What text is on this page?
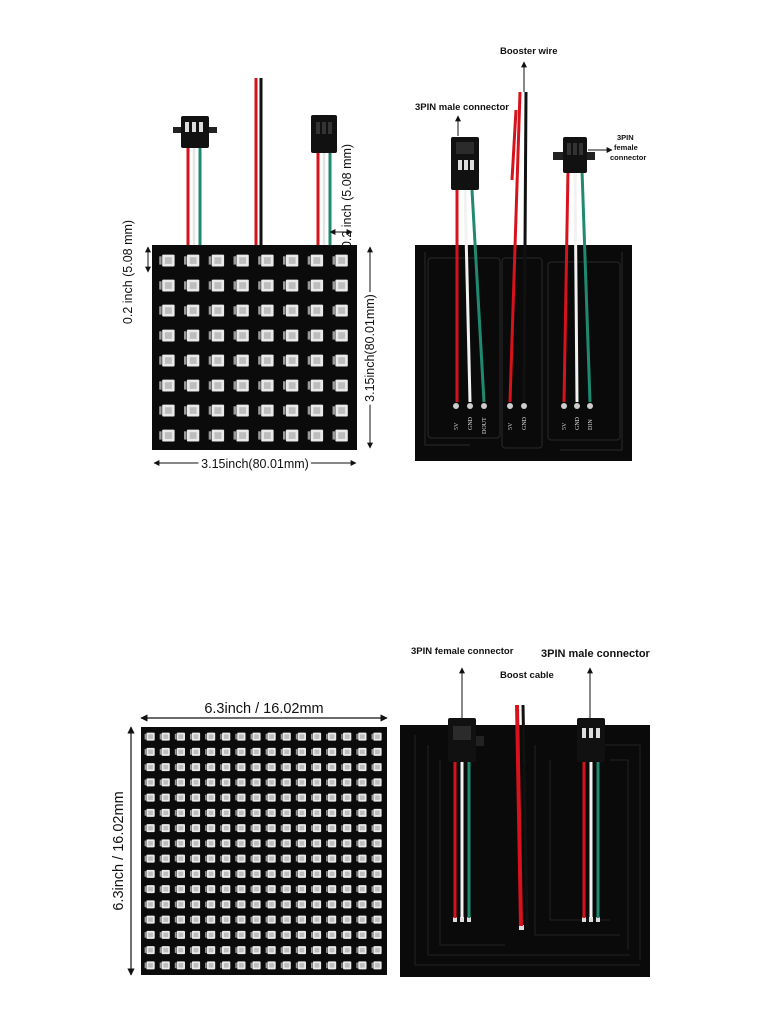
3.15inch(80.01mm)
3.15inch(80.01mm)
0.2 inch (5.08 mm)
0.2 inch (5.08 mm)
5V GND DOUT	5V GND	5V GND DIN
3PIN male connector
Booster wire
3PIN
female
connector
6.3inch / 16.02mm
6.3inch / 16.02mm
3PIN female connector
Boost cable
3PIN male connector
